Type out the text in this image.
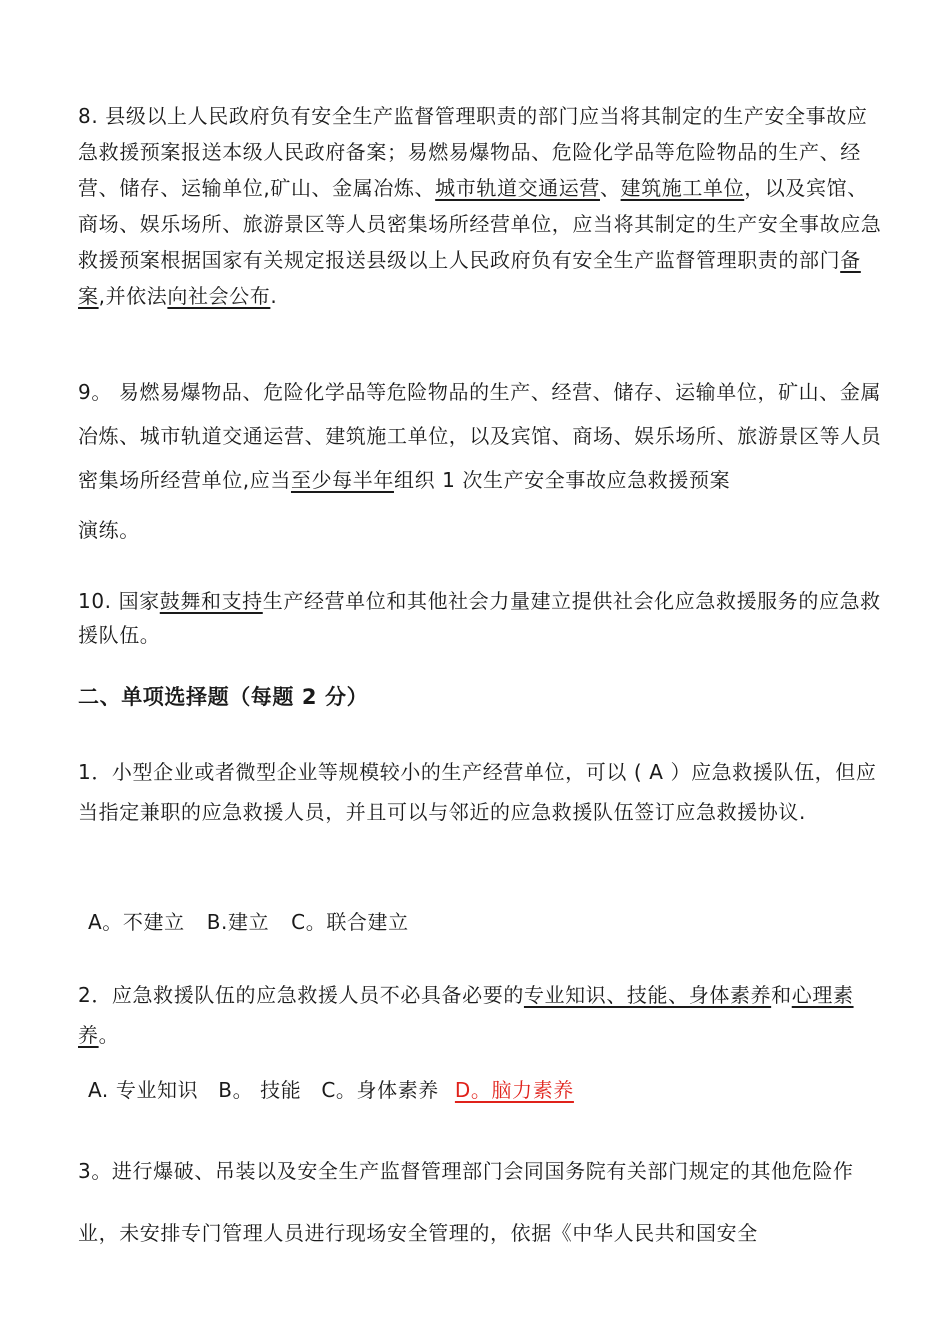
8. 县级以上人民政府负有安全生产监督管理职责的部门应当将其制定的生产安全事故应急救援预案报送本级人民政府备案；易燃易爆物品、危险化学品等危险物品的生产、经营、储存、运输单位,矿山、金属冶炼、城市轨道交通运营、建筑施工单位，以及宾馆、商场、娱乐场所、旅游景区等人员密集场所经营单位，应当将其制定的生产安全事故应急救援预案根据国家有关规定报送县级以上人民政府负有安全生产监督管理职责的部门备案,并依法向社会公布.
9。 易燃易爆物品、危险化学品等危险物品的生产、经营、储存、运输单位，矿山、金属冶炼、城市轨道交通运营、建筑施工单位，以及宾馆、商场、娱乐场所、旅游景区等人员密集场所经营单位,应当至少每半年组织 1 次生产安全事故应急救援预案
演练。
10. 国家鼓舞和支持生产经营单位和其他社会力量建立提供社会化应急救援服务的应急救援队伍。
二、单项选择题（每题 2 分）
1．小型企业或者微型企业等规模较小的生产经营单位，可以 ( A ）应急救援队伍，但应当指定兼职的应急救援人员，并且可以与邻近的应急救援队伍签订应急救援协议.
A。不建立 B.建立 C。联合建立
2．应急救援队伍的应急救援人员不必具备必要的专业知识、技能、身体素养和心理素养。
A. 专业知识 B。 技能 C。身体素养 D。脑力素养
3。进行爆破、吊装以及安全生产监督管理部门会同国务院有关部门规定的其他危险作业，未安排专门管理人员进行现场安全管理的，依据《中华人民共和国安全
